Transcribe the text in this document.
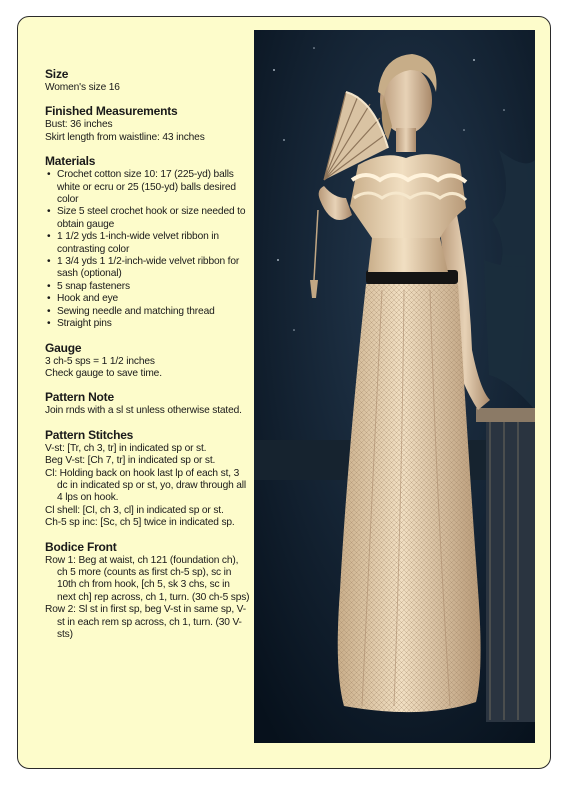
Size
Women's size 16
Finished Measurements
Bust: 36 inches
Skirt length from waistline: 43 inches
Materials
• Crochet cotton size 10: 17 (225-yd) balls white or ecru or 25 (150-yd) balls desired color
• Size 5 steel crochet hook or size needed to obtain gauge
• 1 1/2 yds 1-inch-wide velvet ribbon in contrasting color
• 1 3/4 yds 1 1/2-inch-wide velvet ribbon for sash (optional)
• 5 snap fasteners
• Hook and eye
• Sewing needle and matching thread
• Straight pins
Gauge
3 ch-5 sps = 1 1/2 inches
Check gauge to save time.
Pattern Note
Join rnds with a sl st unless otherwise stated.
Pattern Stitches
V-st: [Tr, ch 3, tr] in indicated sp or st.
Beg V-st: [Ch 7, tr] in indicated sp or st.
Cl: Holding back on hook last lp of each st, 3 dc in indicated sp or st, yo, draw through all 4 lps on hook.
Cl shell: [Cl, ch 3, cl] in indicated sp or st.
Ch-5 sp inc: [Sc, ch 5] twice in indicated sp.
Bodice Front
Row 1: Beg at waist, ch 121 (foundation ch), ch 5 more (counts as first ch-5 sp), sc in 10th ch from hook, [ch 5, sk 3 chs, sc in next ch] rep across, ch 1, turn. (30 ch-5 sps)
Row 2: Sl st in first sp, beg V-st in same sp, V-st in each rem sp across, ch 1, turn. (30 V-sts)
